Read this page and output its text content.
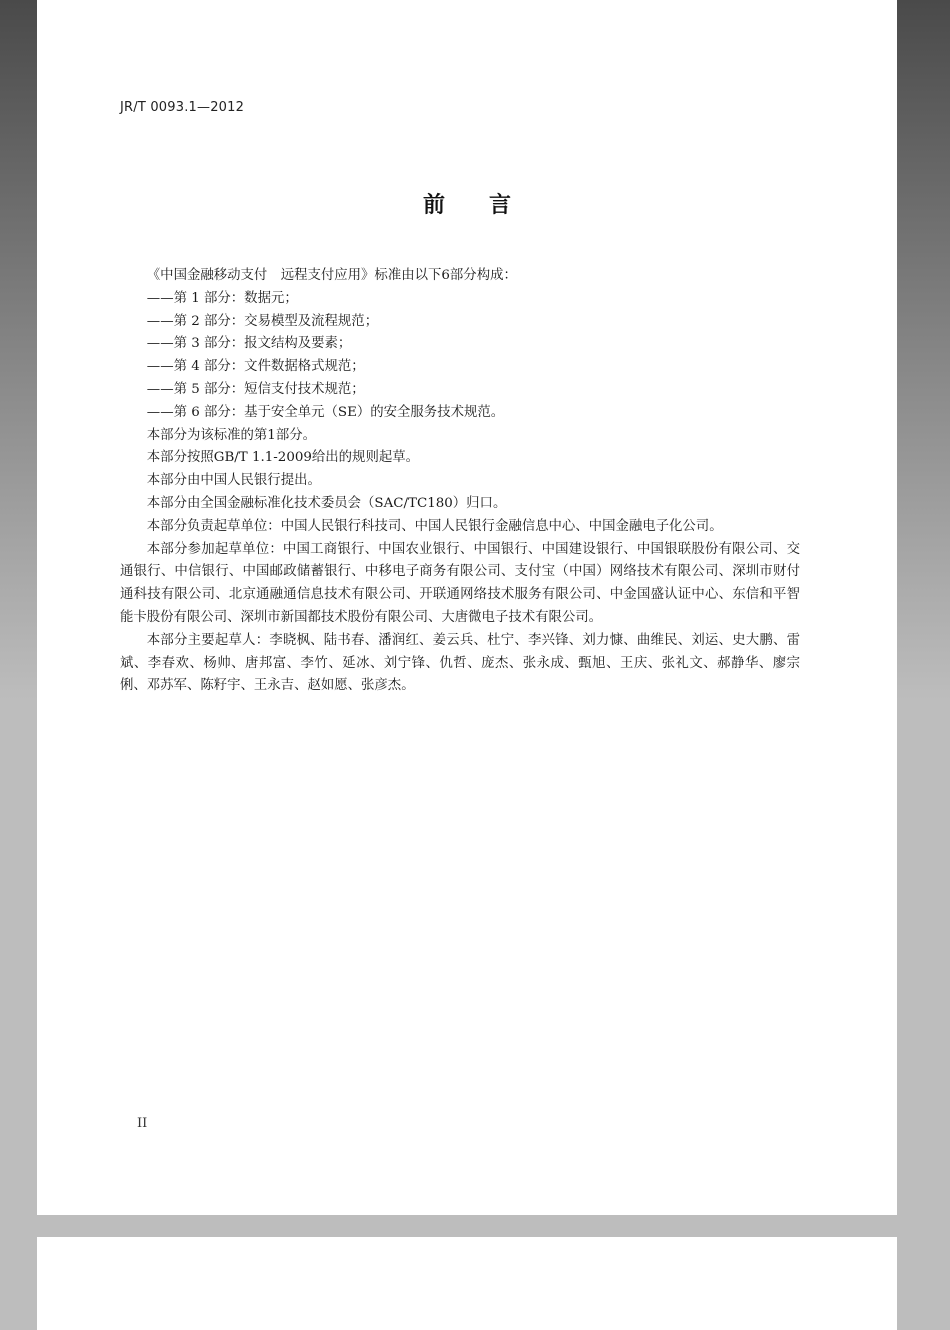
JR/T 0093.1—2012
前言

《中国金融移动支付　远程支付应用》标准由以下6部分构成：

——第 1 部分：数据元；

——第 2 部分：交易模型及流程规范；

——第 3 部分：报文结构及要素；

——第 4 部分：文件数据格式规范；

——第 5 部分：短信支付技术规范；

——第 6 部分：基于安全单元（SE）的安全服务技术规范。

本部分为该标准的第1部分。

本部分按照GB/T 1.1-2009给出的规则起草。

本部分由中国人民银行提出。

本部分由全国金融标准化技术委员会（SAC/TC180）归口。

本部分负责起草单位：中国人民银行科技司、中国人民银行金融信息中心、中国金融电子化公司。

本部分参加起草单位：中国工商银行、中国农业银行、中国银行、中国建设银行、中国银联股份有限公司、交通银行、中信银行、中国邮政储蓄银行、中移电子商务有限公司、支付宝（中国）网络技术有限公司、深圳市财付通科技有限公司、北京通融通信息技术有限公司、开联通网络技术服务有限公司、中金国盛认证中心、东信和平智能卡股份有限公司、深圳市新国都技术股份有限公司、大唐微电子技术有限公司。

本部分主要起草人：李晓枫、陆书春、潘润红、姜云兵、杜宁、李兴锋、刘力慷、曲维民、刘运、史大鹏、雷斌、李春欢、杨帅、唐邦富、李竹、延冰、刘宁锋、仇哲、庞杰、张永成、甄旭、王庆、张礼文、郝静华、廖宗俐、邓苏军、陈籽宇、王永吉、赵如愿、张彦杰。

II
